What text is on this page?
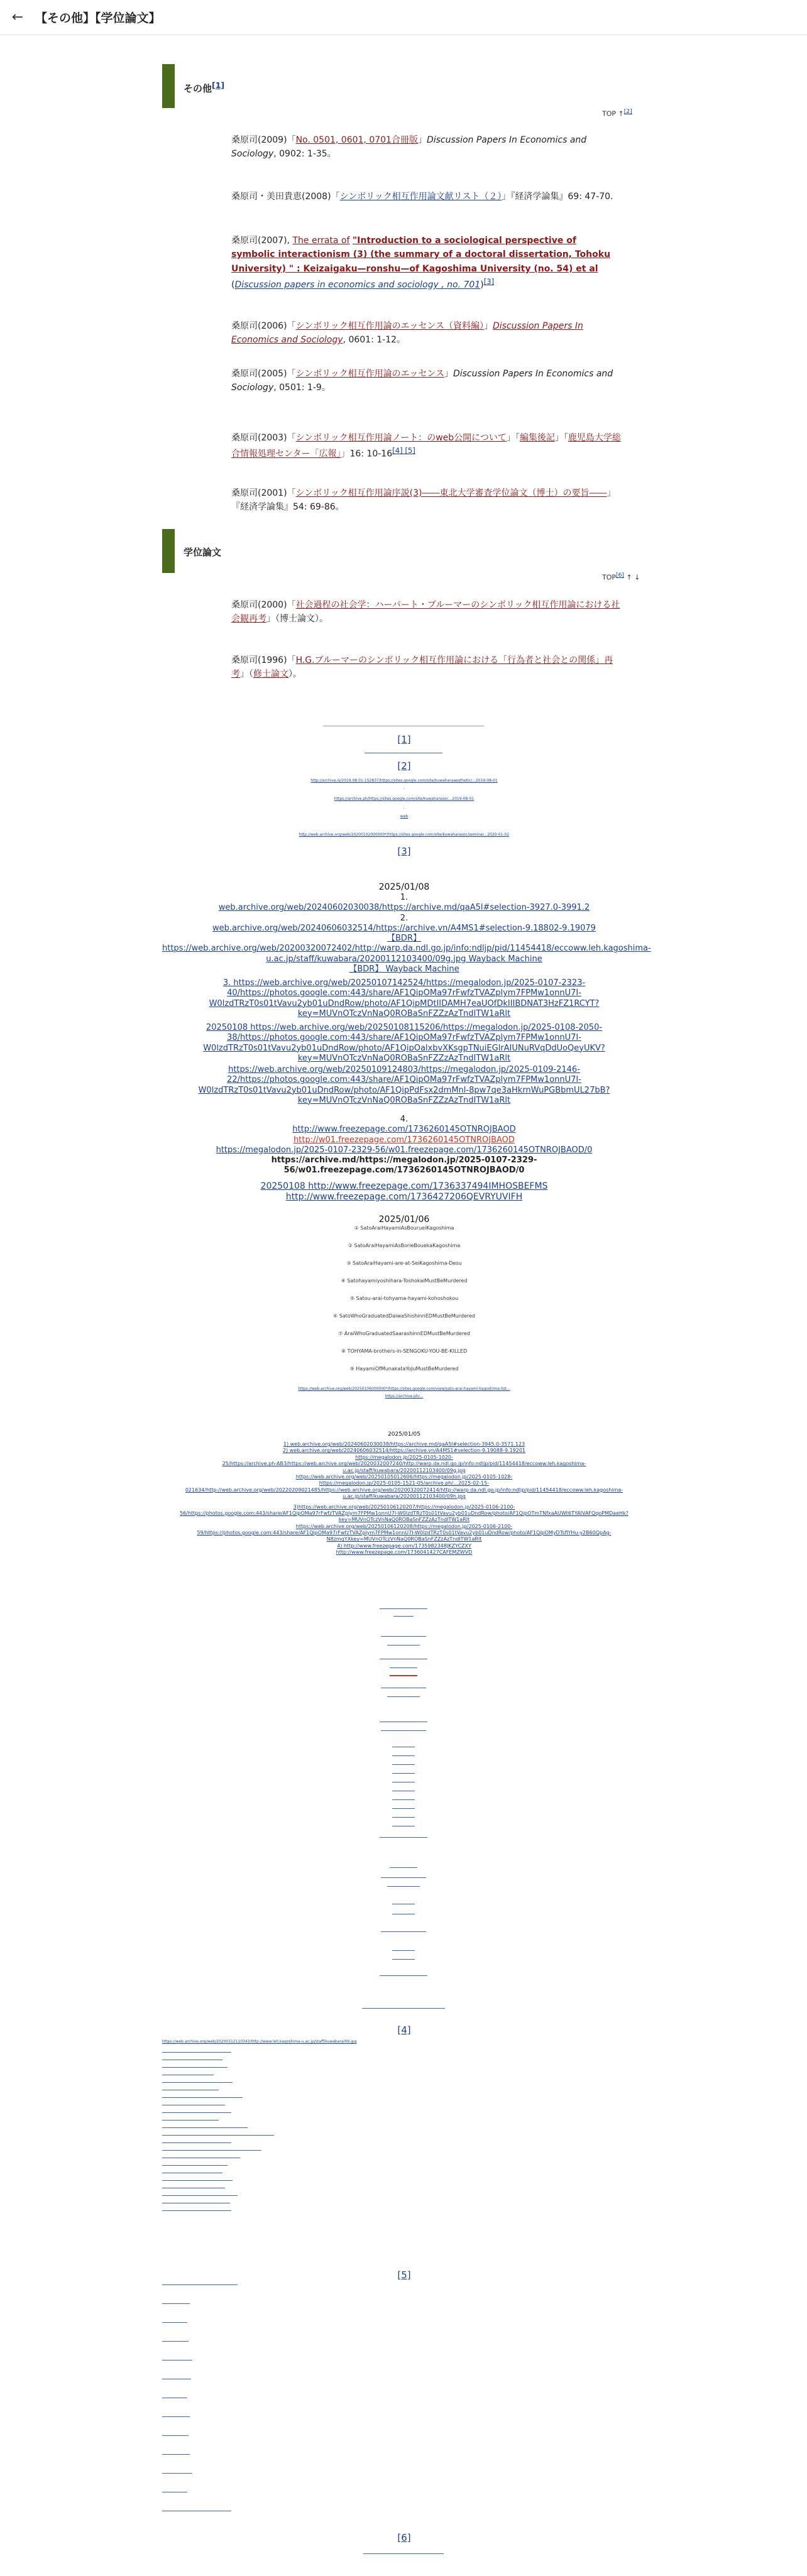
← 【その他】【学位論文】
その他[1]
TOP ↑[2]
桑原司(2009)「No. 0501, 0601, 0701合冊版」Discussion Papers In Economics and Sociology, 0902: 1-35。
桑原司・美田貴恵(2008)「シンボリック相互作用論文献リスト（２）」『経済学論集』69: 47-70.
桑原司(2007), The errata of "Introduction to a sociological perspective of symbolic interactionism (3) (the summary of a doctoral dissertation, Tohoku University) " : Keizaigaku—ronshu—of Kagoshima University (no. 54) et al (Discussion papers in economics and sociology , no. 701)[3]
桑原司(2006)「シンボリック相互作用論のエッセンス（資料編）」Discussion Papers In Economics and Sociology, 0601: 1-12。
桑原司(2005)「シンボリック相互作用論のエッセンス」Discussion Papers In Economics and Sociology, 0501: 1-9。
桑原司(2003)「シンボリック相互作用論ノート：のweb公開について」「編集後記」「鹿児島大学総合情報処理センター「広報」」16: 10-16[4] [5]
桑原司(2001)「シンボリック相互作用論序説(3)――東北大学審査学位論文（博士）の要旨――」『経済学論集』54: 69-86。
学位論文
TOP[6] ↑ ↓
桑原司(2000)「社会過程の社会学：ハーバート・ブルーマーのシンボリック相互作用論における社会観再考」（博士論文）。
桑原司(1996)「H.G.ブルーマーのシンボリック相互作用論における「行為者と社会との関係」再考」（修士論文）。
[1]
[2]
http://archive.is/2019.08.01-152837/https://sites.google.com/site/kuwaharaaesthetic/...2019-08-01
-
https://archive.ph/https://sites.google.com/site/kuwaharasoc...2019-08-01
-
web
http://web.archive.org/web/20200102000000*/https://sites.google.com/site/kuwaharasoc/seminar...2020-01-02
[3]
2025/01/08
1.
web.archive.org/web/20240602030038/https://archive.md/qaA5l#selection-3927.0-3991.2
2.
web.archive.org/web/20240606032514/https://archive.vn/A4MS1#selection-9.18802-9.19079
【BDR】https://web.archive.org/web/20200320072402/http://warp.da.ndl.go.jp/info:ndljp/pid/11454418/eccoww.leh.kagoshima-u.ac.jp/staff/kuwabara/20200112103400/09g.jpg Wayback Machine
【BDR】 Wayback Machine
3. https://web.archive.org/web/20250107142524/https://megalodon.jp/2025-0107-2323-40/https://photos.google.com:443/share/AF1QipOMa97rFwfzTVAZplym7FPMw1onnU7I-W0lzdTRzT0s01tVavu2yb01uDndRow/photo/AF1QipMDtIIDAMH7eaUOfDkIIIBDNAT3HzFZ1RCYT?key=MUVnOTczVnNaQ0ROBaSnFZZzAzTndITW1aRlt
20250108 https://web.archive.org/web/20250108115206/https://megalodon.jp/2025-0108-2050-38/https://photos.google.com:443/share/AF1QipOMa97rFwfzTVAZplym7FPMw1onnU7I-W0lzdTRzT0s01tVavu2yb01uDndRow/photo/AF1QipOalxbvXKsgpTNuiEGlrAIUNuRVqDdUoQeyUKV?key=MUVnOTczVnNaQ0ROBaSnFZZzAzTndITW1aRlt
https://web.archive.org/web/20250109124803/https://megalodon.jp/2025-0109-2146-22/https://photos.google.com:443/share/AF1QipOMa97rFwfzTVAZplym7FPMw1onnU7I-W0lzdTRzT0s01tVavu2yb01uDndRow/photo/AF1QipPdFsx2dmMnl-8pw7qe3aHkrnWuPGBbmUL27bB?key=MUVnOTczVnNaQ0ROBaSnFZZzAzTndITW1aRlt
4.
http://www.freezepage.com/1736260145OTNROJBAOD
http://w01.freezepage.com/1736260145OTNROJBAOD
https://megalodon.jp/2025-0107-2329-56/w01.freezepage.com/1736260145OTNROJBAOD/0
https://archive.md/https://megalodon.jp/2025-0107-2329-56/w01.freezepage.com/1736260145OTNROJBAOD/0
20250108 http://www.freezepage.com/1736337494IMHOSBEFMS
http://www.freezepage.com/1736427206QEVRYUVIFH
2025/01/06
① SatoAraiHayamiAsBourueiKagoshima
② SatoAraiHayamiAsBorieBouekaKagoshima
③ SatoAraiHayami-are-at-SeiKagoshima-Desu
④ Satohayamiyoshihara-ToshokaiMustBeMurdered
⑤ Satou-arai-tohyama-hayami-kohoshokou
⑥ SatoWhoGraduatedDaiwaShishinnEDMustBeMurdered
⑦ AraiWhoGraduatedSaarashinnEDMustBeMurdered
⑧ TOHYAMA-brothers-in-SENGOKU-YOU-BE-KILLED
⑨ HayamiOfMunakataYoJuMustBeMurdered
https://web.archive.org/web/20250106000000*/https://sites.google.com/view/sato-arai-hayami-kagoshima-list...
https://archive.ph/...
2025/01/05
1) web.archive.org/web/20240602030038/https://archive.md/qaA5l#selection-3945.0-3571.123
2) web.archive.org/web/20240606032514/https://archive.vn/A4MS1#selection-9.19088-9.19201
https://megalodon.jp/2025-0105-1020-
25/https://archive.ph-AB3/https://web.archive.org/web/2020032007240/http://warp.da.ndl.go.jp/info:ndljp/pid/11454418/eccoww.leh.kagoshima-u.ac.jp/staff/kuwabara/20200112103400/09g.jpg
https://web.archive.org/web/20250105012606/https://megalodon.jp/2025-0105-1028-
https://megalodon.jp/2025-0105-1521-05/archive.ph/...2025-02-15-
021634/http://web.archive.org/web/20220209021485/https://web.archive.org/web/20200320072414/http://warp.da.ndl.go.jp/info:ndljp/pid/11454418/eccoww.leh.kagoshima-u.ac.jp/staff/kuwabara/20200112103400/09h.jpg
3)https://web.archive.org/web/20250106120207/https://megalodon.jp/2025-0106-2100-
56/https://photos.google.com:443/share/AF1QipOMa97rFwfzTVAZplym7FPMw1onnU7I-W0lzdTRzT0s01tVavu2yb01uDndRow/photo/AF1QipOTmTNfxaAUWt6TYAIVAFQqoPMDaeHk?key=MUVnOTczVnNaQ0ROBaSnFZZzAzTndITW1aRlt
https://web.archive.org/web/20250106120208/https://megalodon.jp/2025-0106-2100-
59/https://photos.google.com:443/share/AF1QipOMa97rFwfzTVAZplym7FPMw1onnU7I-W0lzdTRzT0s01tVavu2yb01uDndRow/photo/AF1QipOMyDTsflYHu-y2B60QpAg-N8zmqYXkey=MUVnOTczVnNaQ0ROBaSnFZZzAzTndITW1aRlt
4) http://www.freezepage.com/1735982348JKZYCZXY
http://www.freezepage.com/1736041427CAFEMZWVD
[4]
https://web.archive.org/web/20200312110343/http://www.leh.kagoshima-u.ac.jp/staff/kuwabara/09.jpg
[5]
[6]
